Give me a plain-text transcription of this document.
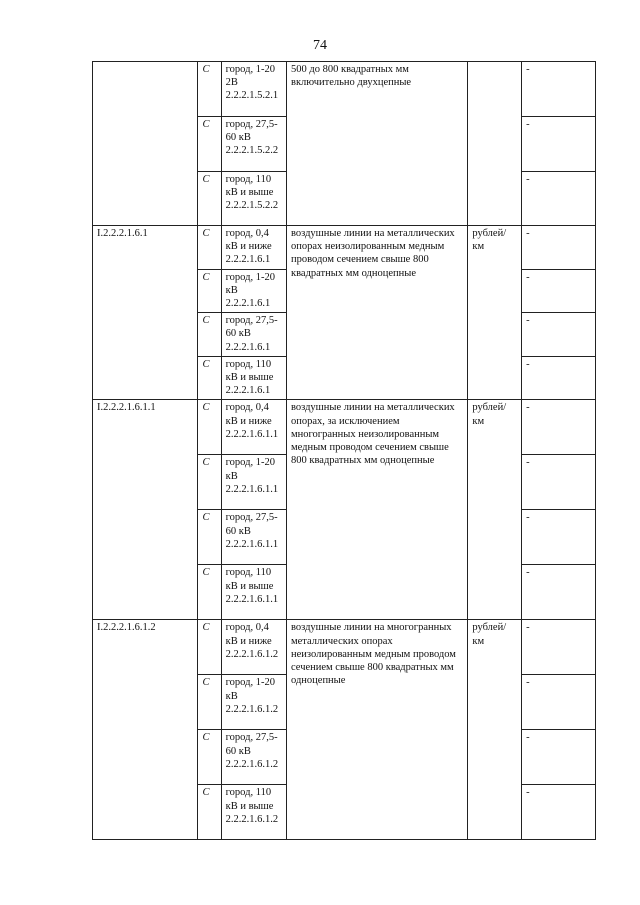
74
	С	город, 1-20 2В 2.2.2.1.5.2.1	500 до 800 квадратных мм включительно двухцепные		-
	С	город, 27,5-60 кВ 2.2.2.1.5.2.2			-
	С	город, 110 кВ и выше 2.2.2.1.5.2.2			-
I.2.2.2.1.6.1	С	город, 0,4 кВ и ниже 2.2.2.1.6.1	воздушные линии на металлических опорах неизолированным медным проводом сечением свыше 800 квадратных мм одноцепные	рублей/ км	-
	С	город, 1-20 кВ 2.2.2.1.6.1			-
	С	город, 27,5-60 кВ 2.2.2.1.6.1			-
	С	город, 110 кВ и выше 2.2.2.1.6.1			-
I.2.2.2.1.6.1.1	С	город, 0,4 кВ и ниже 2.2.2.1.6.1.1	воздушные линии на металлических опорах, за исключением многогранных неизолированным медным проводом сечением свыше 800 квадратных мм одноцепные	рублей/ км	-
	С	город, 1-20 кВ 2.2.2.1.6.1.1			-
	С	город, 27,5-60 кВ 2.2.2.1.6.1.1			-
	С	город, 110 кВ и выше 2.2.2.1.6.1.1			-
I.2.2.2.1.6.1.2	С	город, 0,4 кВ и ниже 2.2.2.1.6.1.2	воздушные линии на многогранных металлических опорах неизолированным медным проводом сечением свыше 800 квадратных мм одноцепные	рублей/ км	-
	С	город, 1-20 кВ 2.2.2.1.6.1.2			-
	С	город, 27,5-60 кВ 2.2.2.1.6.1.2			-
	С	город, 110 кВ и выше 2.2.2.1.6.1.2			-
